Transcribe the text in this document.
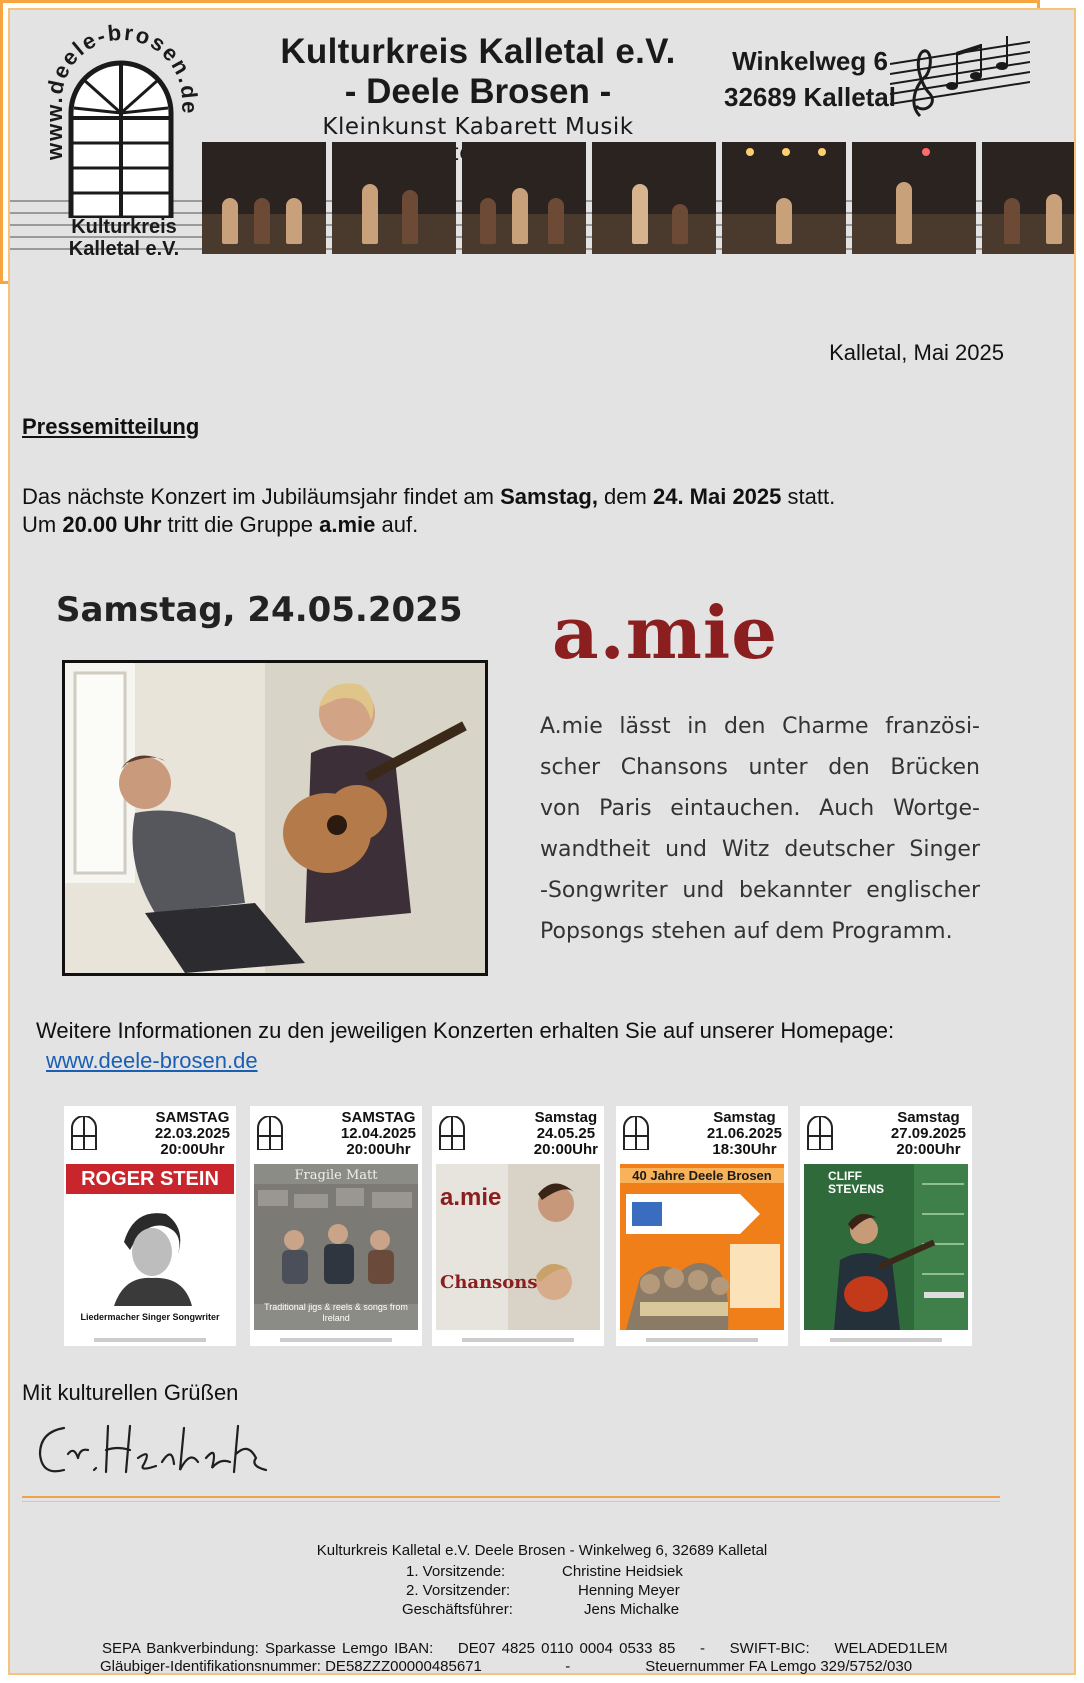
www.deele-brosen.de
Kulturkreis Kalletal e.V.
- Deele Brosen -
Kleinkunst Kabarett Musik
Winkelweg 6
32689 Kalletal
Kulturkreis
Kalletal e.V.
Kalletal, Mai 2025
Pressemitteilung
Das nächste Konzert im Jubiläumsjahr findet am Samstag, dem 24. Mai 2025 statt.
Um 20.00 Uhr tritt die Gruppe a.mie auf.
Samstag, 24.05.2025 a.mie
A.mie lässt in den Charme französi-
scher Chansons unter den Brücken
von Paris eintauchen. Auch Wortge-
wandtheit und Witz deutscher Singer
-Songwriter und bekannter englischer
Popsongs stehen auf dem Programm.
Weitere Informationen zu den jeweiligen Konzerten erhalten Sie auf unserer Homepage:
www.deele-brosen.de
SAMSTAG
22.03.2025
20:00Uhr
ROGER STEIN
Liedermacher Singer Songwriter
SAMSTAG
12.04.2025
20:00Uhr
Fragile Matt
Traditional jigs & reels & songs from Ireland
Samstag
24.05.25
20:00Uhr
a.mie
Chansons
Samstag
21.06.2025
18:30Uhr
40 Jahre Deele Brosen
Samstag
27.09.2025
20:00Uhr
CLIFF STEVENS
Mit kulturellen Grüßen
Kulturkreis Kalletal e.V. Deele Brosen - Winkelweg 6, 32689 Kalletal
1. Vorsitzende:	Christine Heidsiek
2. Vorsitzender:	Henning Meyer
Geschäftsführer:	Jens Michalke
SEPA Bankverbindung: Sparkasse Lemgo IBAN:    DE07 4825 0110 0004 0533 85    -    SWIFT-BIC:    WELADED1LEM
Gläubiger-Identifikationsnummer: DE58ZZZ00000485671                    -                  Steuernummer FA Lemgo 329/5752/030
